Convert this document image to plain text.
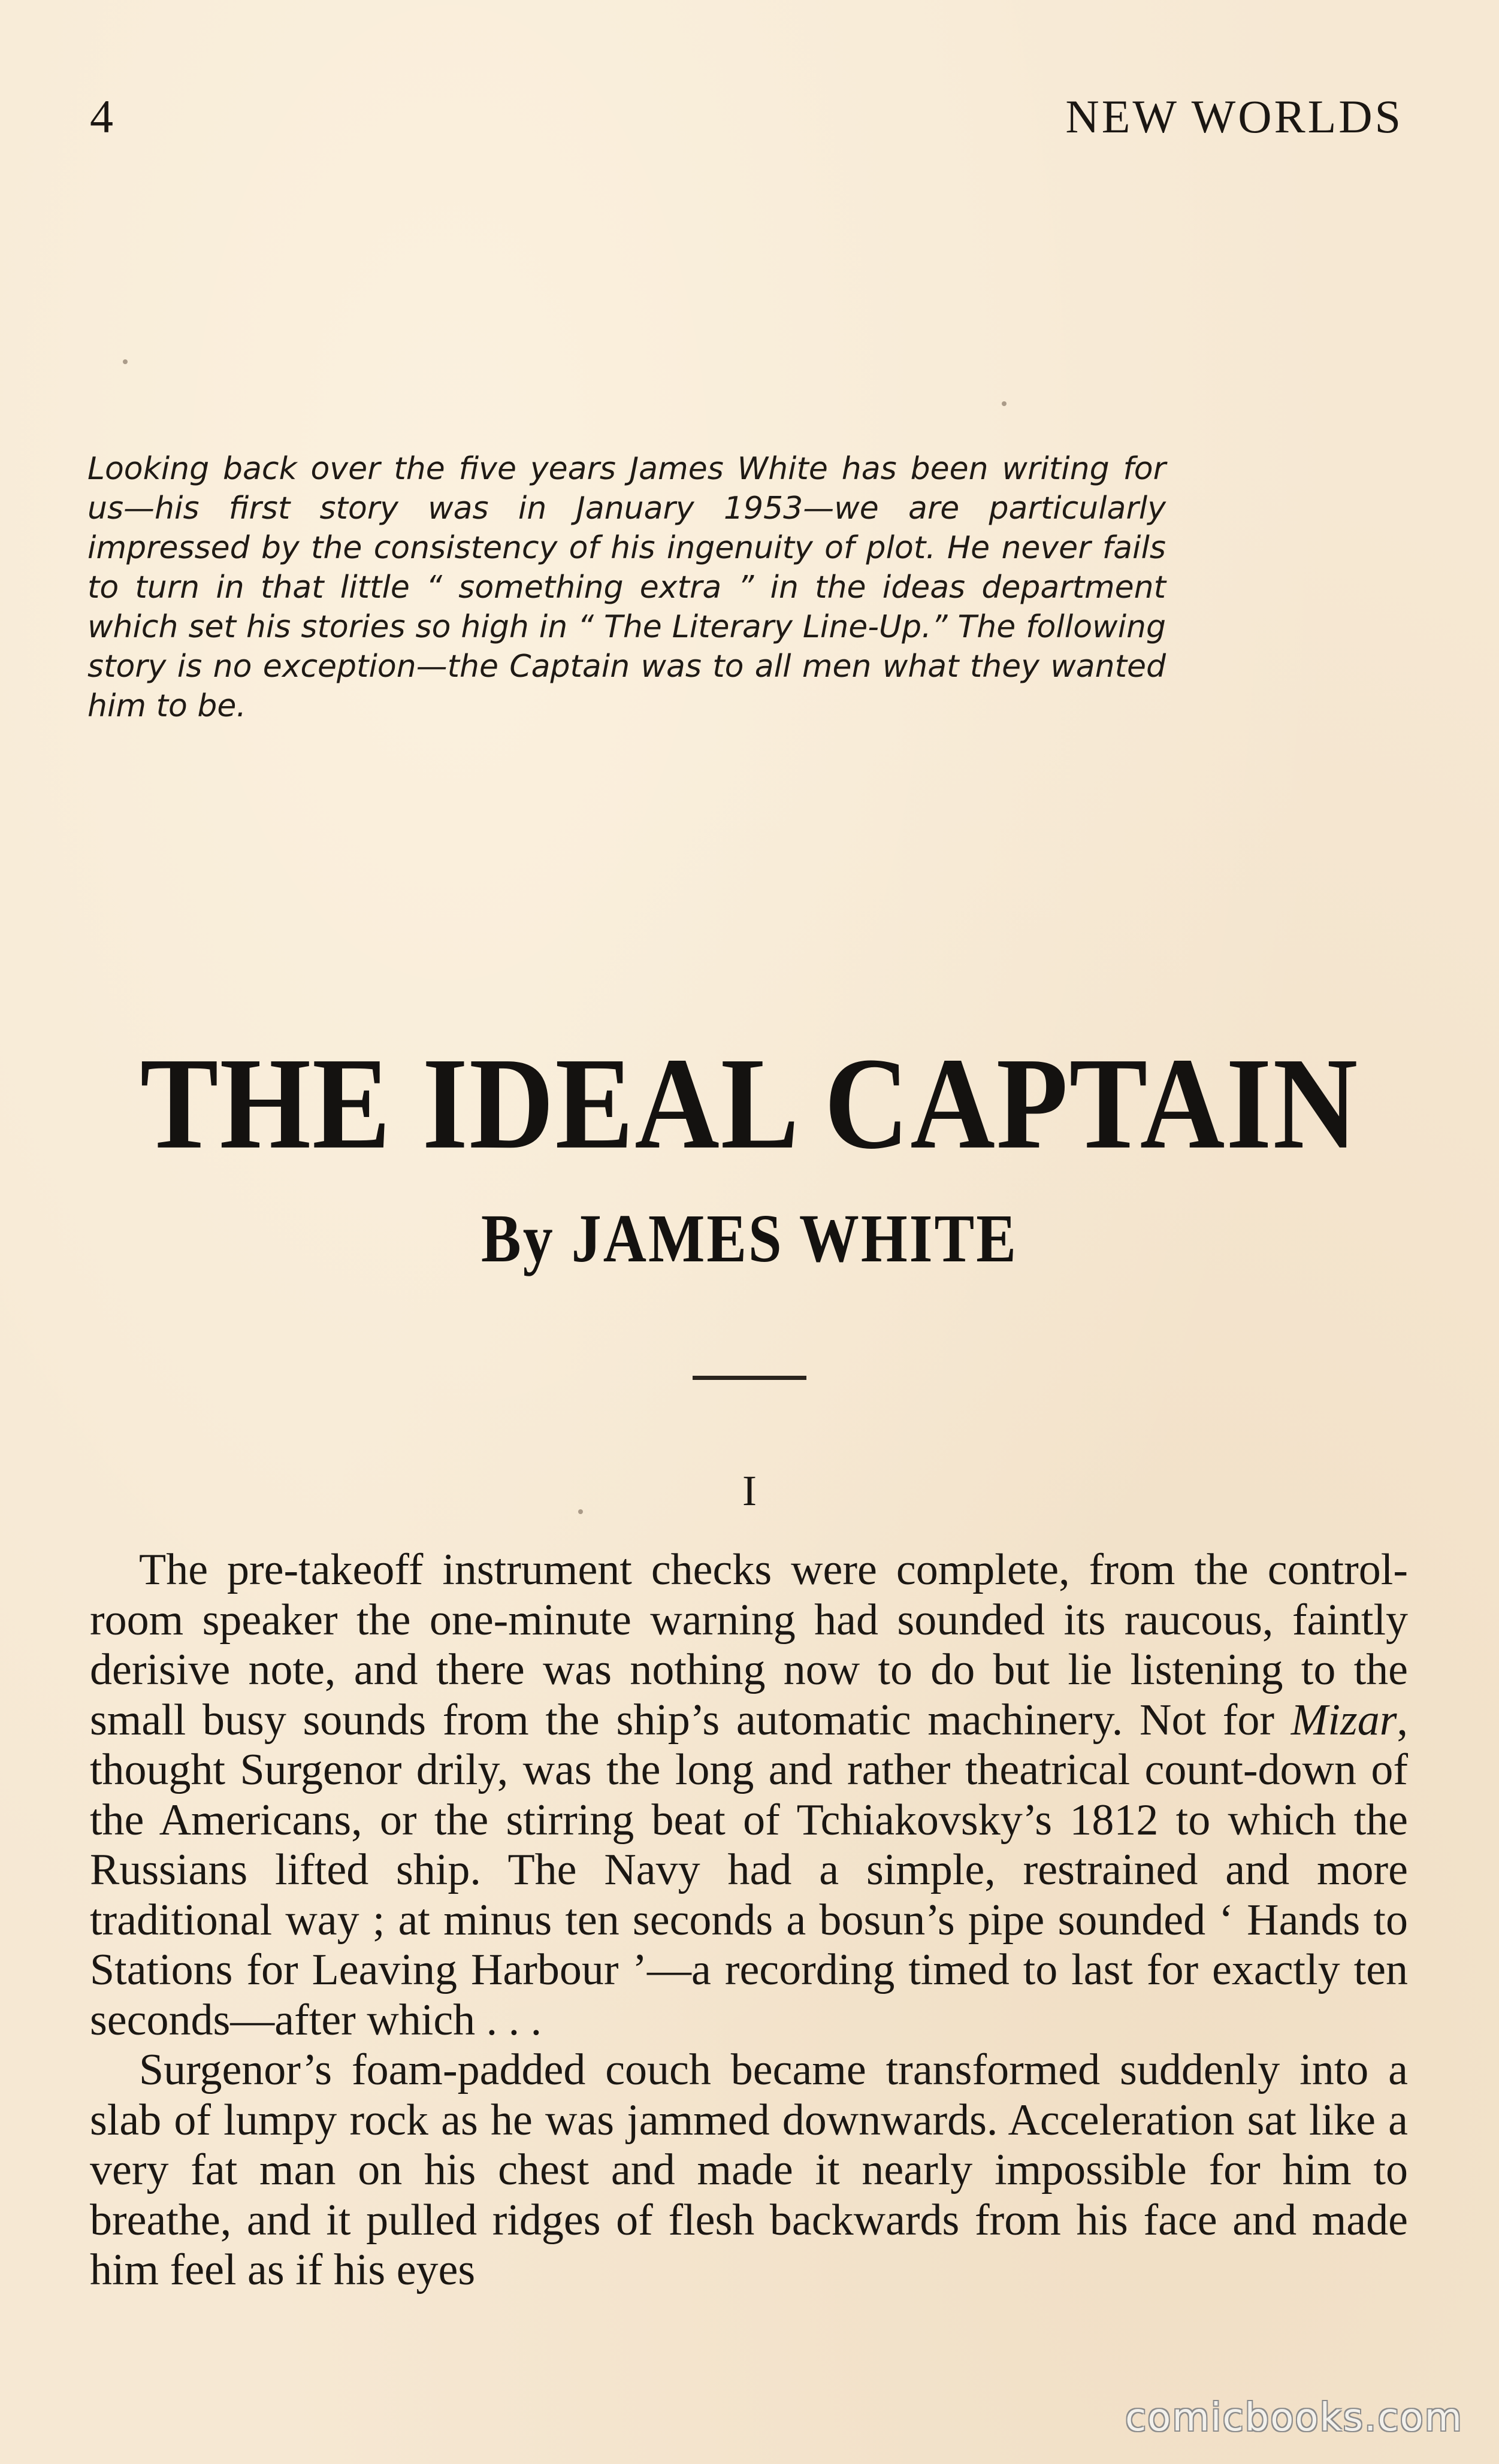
4	NEW WORLDS
Looking back over the five years James White has been writing for us—his first story was in January 1953—we are particularly impressed by the consistency of his ingenuity of plot. He never fails to turn in that little “ something extra ” in the ideas department which set his stories so high in “ The Literary Line-Up.” The following story is no exception—the Captain was to all men what they wanted him to be.
THE IDEAL CAPTAIN
By JAMES WHITE
I

The pre-takeoff instrument checks were complete, from the control-room speaker the one-minute warning had sounded its raucous, faintly derisive note, and there was nothing now to do but lie listening to the small busy sounds from the ship’s automatic machinery. Not for Mizar, thought Surgenor drily, was the long and rather theatrical count-down of the Americans, or the stirring beat of Tchiakovsky’s 1812 to which the Russians lifted ship. The Navy had a simple, restrained and more traditional way ; at minus ten seconds a bosun’s pipe sounded ‘ Hands to Stations for Leaving Harbour ’—a recording timed to last for exactly ten seconds—after which . . .

Surgenor’s foam-padded couch became transformed suddenly into a slab of lumpy rock as he was jammed downwards. Acceleration sat like a very fat man on his chest and made it nearly impossible for him to breathe, and it pulled ridges of flesh backwards from his face and made him feel as if his eyes

comicbooks.com
